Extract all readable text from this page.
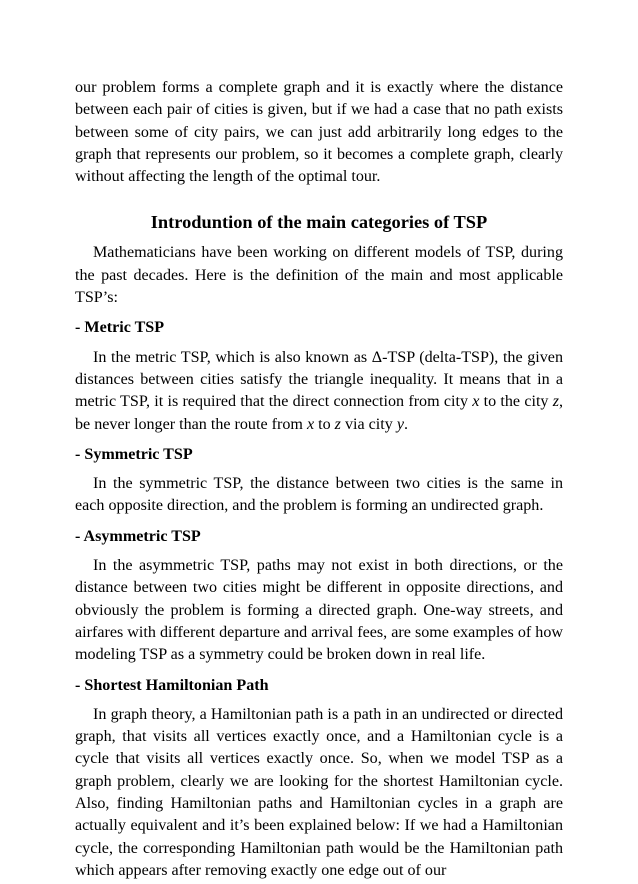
our problem forms a complete graph and it is exactly where the distance between each pair of cities is given, but if we had a case that no path exists between some of city pairs, we can just add arbitrarily long edges to the graph that represents our problem, so it becomes a complete graph, clearly without affecting the length of the optimal tour.

Introduntion of the main categories of TSP

Mathematicians have been working on different models of TSP, during the past decades. Here is the definition of the main and most applicable TSP’s:

- Metric TSP

In the metric TSP, which is also known as Δ-TSP (delta-TSP), the given distances between cities satisfy the triangle inequality. It means that in a metric TSP, it is required that the direct connection from city x to the city z, be never longer than the route from x to z via city y.

- Symmetric TSP

In the symmetric TSP, the distance between two cities is the same in each opposite direction, and the problem is forming an undirected graph.

- Asymmetric TSP

In the asymmetric TSP, paths may not exist in both directions, or the distance between two cities might be different in opposite directions, and obviously the problem is forming a directed graph. One-way streets, and airfares with different departure and arrival fees, are some examples of how modeling TSP as a symmetry could be broken down in real life.

- Shortest Hamiltonian Path

In graph theory, a Hamiltonian path is a path in an undirected or directed graph, that visits all vertices exactly once, and a Hamiltonian cycle is a cycle that visits all vertices exactly once. So, when we model TSP as a graph problem, clearly we are looking for the shortest Hamiltonian cycle. Also, finding Hamiltonian paths and Hamiltonian cycles in a graph are actually equivalent and it’s been explained below: If we had a Hamiltonian cycle, the corresponding Hamiltonian path would be the Hamiltonian path which appears after removing exactly one edge out of our
